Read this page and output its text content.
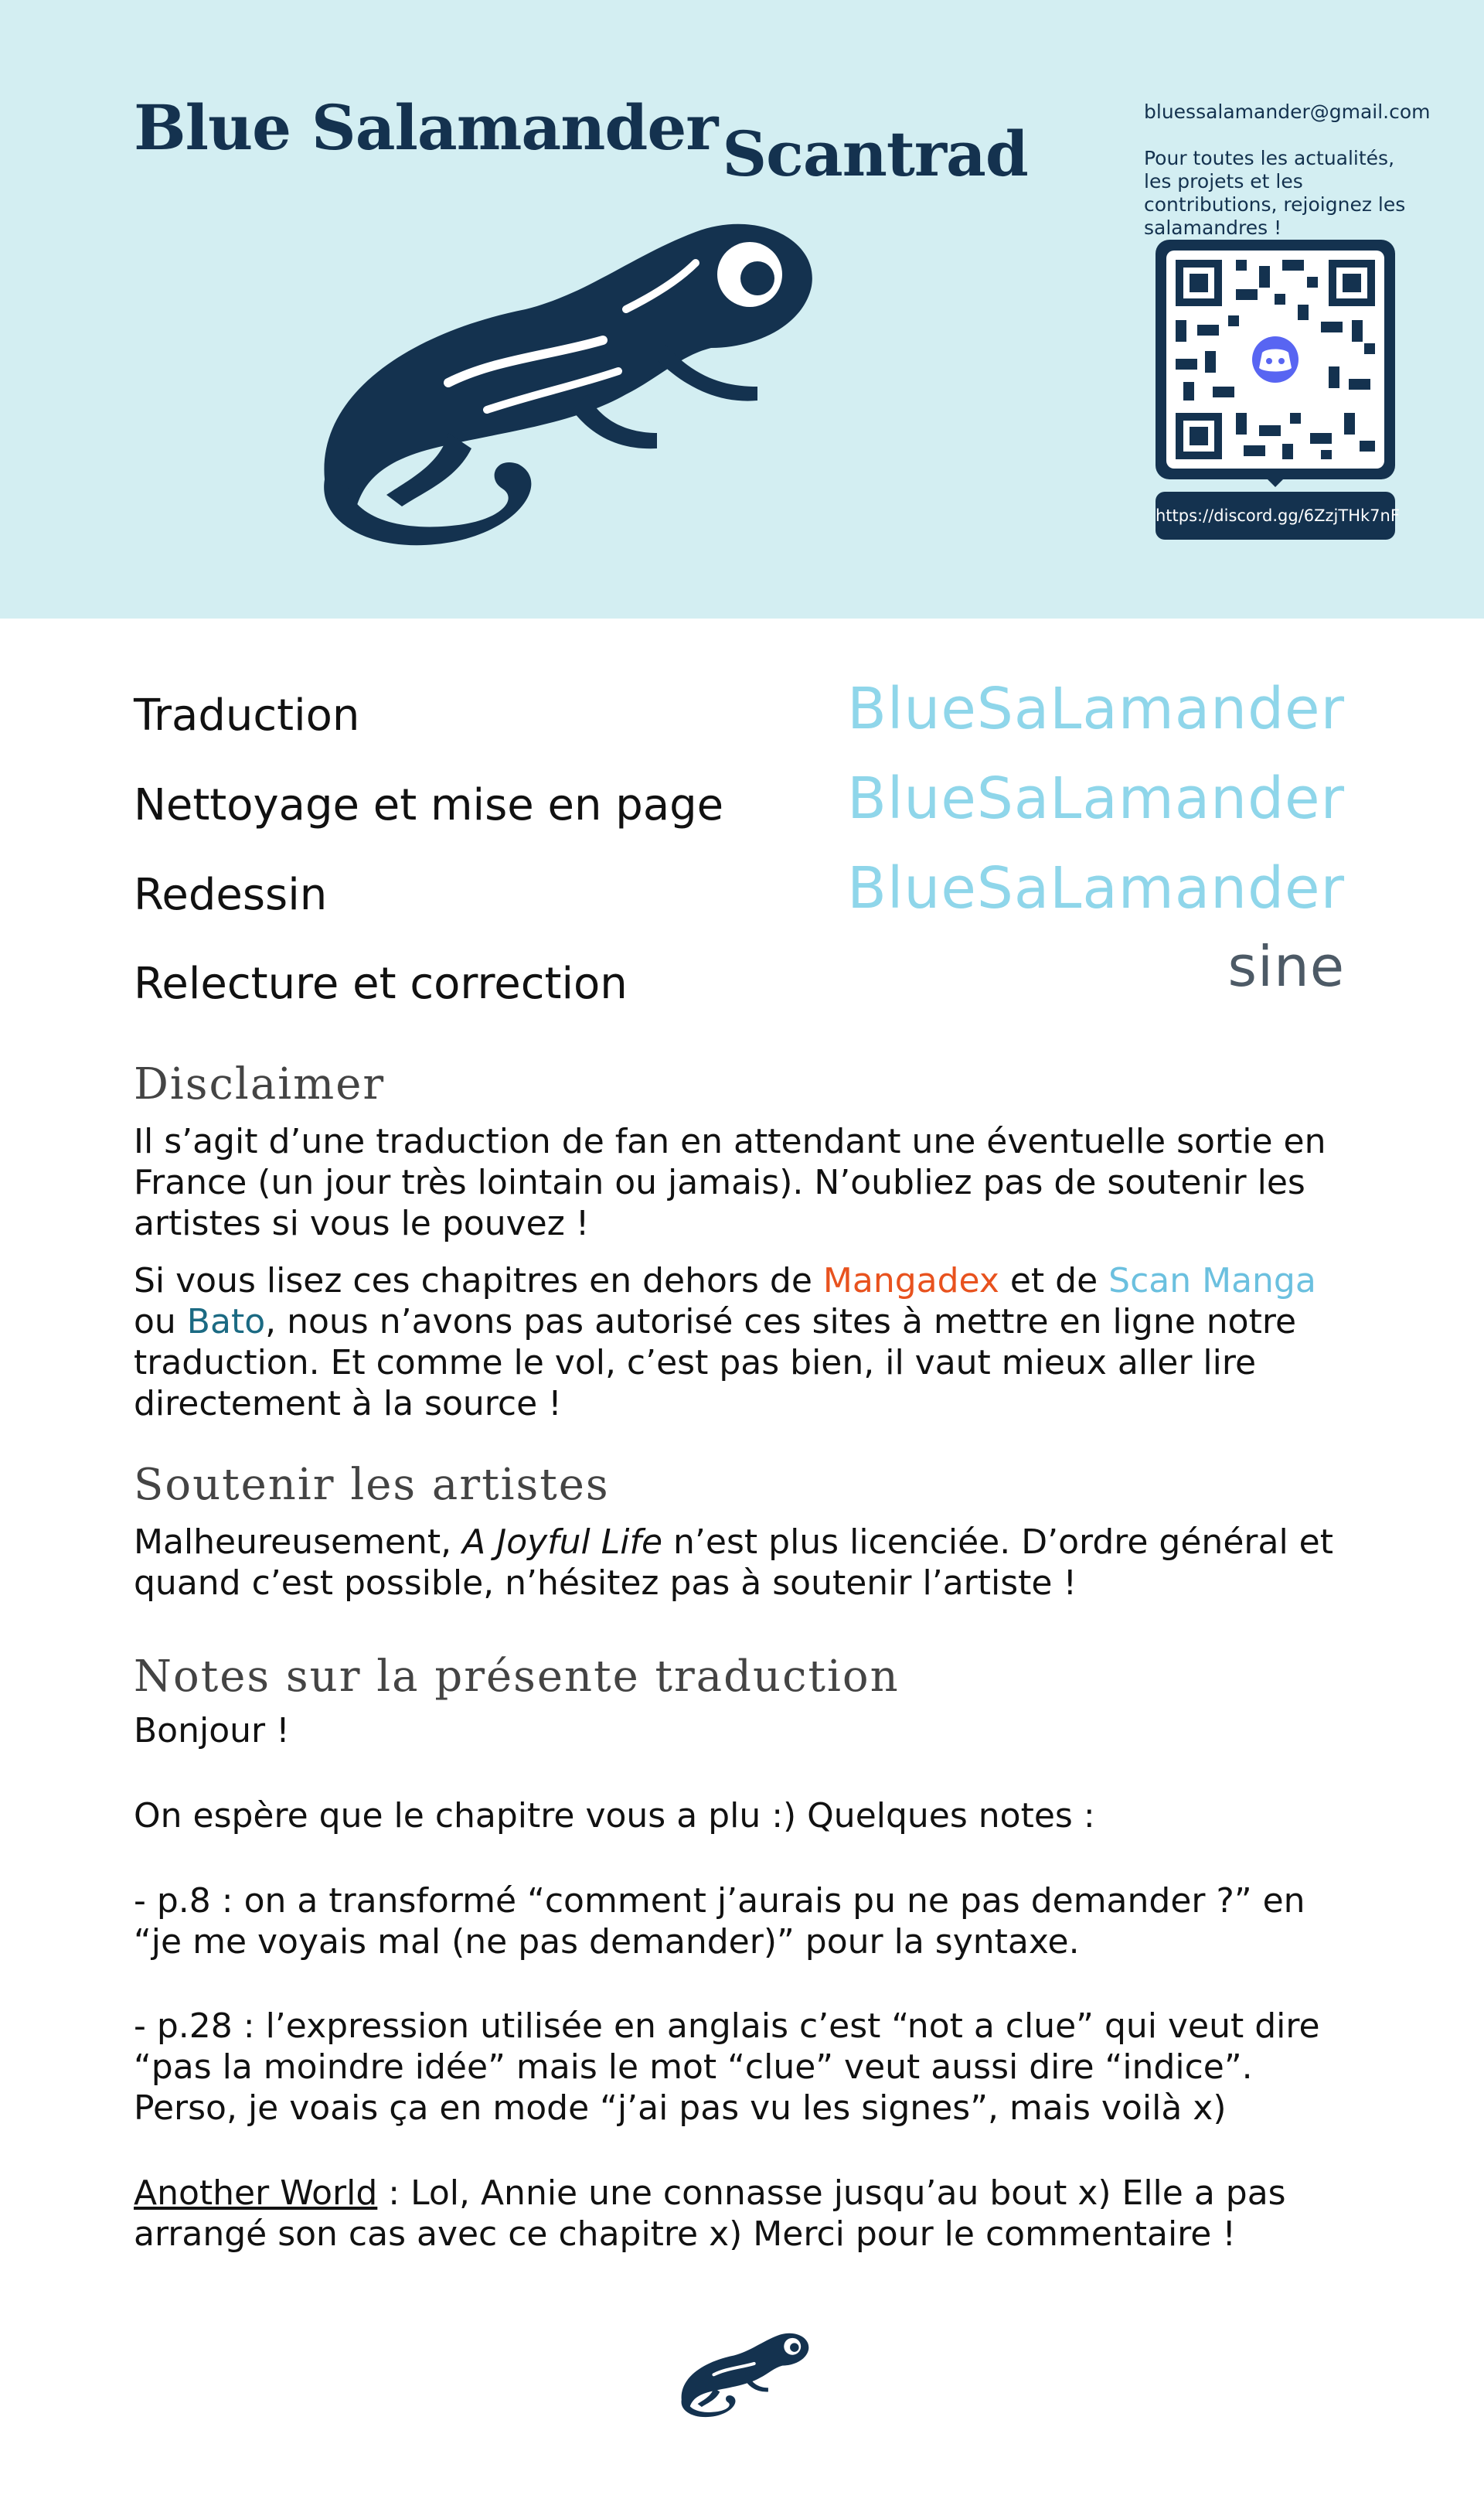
Blue SalamanderScantrad
bluessalamander@gmail.com
Pour toutes les actualités, les projets et les contributions, rejoignez les salamandres !
https://discord.gg/6ZzjTHk7nF
Traduction	BlueSaLamander
Nettoyage et mise en page BlueSaLamander
Redessin	BlueSaLamander
Relecture et correction	sine
Disclaimer
Il s’agit d’une traduction de fan en attendant une éventuelle sortie en France (un jour très lointain ou jamais). N’oubliez pas de soutenir les artistes si vous le pouvez !
Si vous lisez ces chapitres en dehors de Mangadex et de Scan Manga ou Bato, nous n’avons pas autorisé ces sites à mettre en ligne notre traduction. Et comme le vol, c’est pas bien, il vaut mieux aller lire directement à la source !
Soutenir les artistes
Malheureusement, A Joyful Life n’est plus licenciée. D’ordre général et quand c’est possible, n’hésitez pas à soutenir l’artiste !
Notes sur la présente traduction
Bonjour !
On espère que le chapitre vous a plu :) Quelques notes :
- p.8 : on a transformé “comment j’aurais pu ne pas demander ?” en “je me voyais mal (ne pas demander)” pour la syntaxe.
- p.28 : l’expression utilisée en anglais c’est “not a clue” qui veut dire “pas la moindre idée” mais le mot “clue” veut aussi dire “indice”. Perso, je voais ça en mode “j’ai pas vu les signes”, mais voilà x)
Another World : Lol, Annie une connasse jusqu’au bout x) Elle a pas arrangé son cas avec ce chapitre x) Merci pour le commentaire !
